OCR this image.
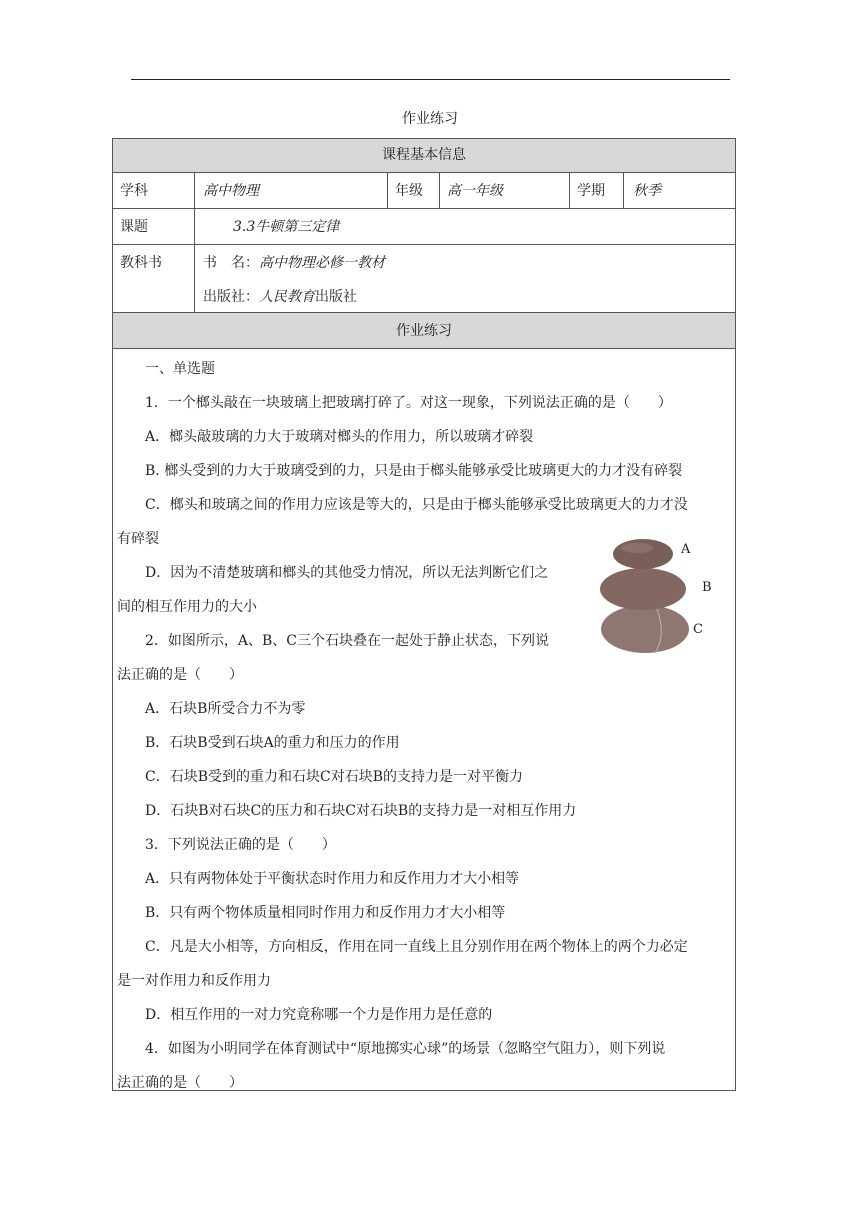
作业练习
课程基本信息
学科	高中物理	年级	高一年级	学期	秋季
课题	3.3牛顿第三定律
教科书	书　名：高中物理必修一教材
出版社：人民教育出版社
作业练习
一、单选题
1．一个榔头敲在一块玻璃上把玻璃打碎了。对这一现象，下列说法正确的是（　　）
A．榔头敲玻璃的力大于玻璃对榔头的作用力，所以玻璃才碎裂
B. 榔头受到的力大于玻璃受到的力，只是由于榔头能够承受比玻璃更大的力才没有碎裂
C．榔头和玻璃之间的作用力应该是等大的，只是由于榔头能够承受比玻璃更大的力才没
有碎裂
D．因为不清楚玻璃和榔头的其他受力情况，所以无法判断它们之
间的相互作用力的大小
2．如图所示，A、B、C三个石块叠在一起处于静止状态，下列说
法正确的是（　　）
A．石块B所受合力不为零
B．石块B受到石块A的重力和压力的作用
C．石块B受到的重力和石块C对石块B的支持力是一对平衡力
D．石块B对石块C的压力和石块C对石块B的支持力是一对相互作用力
3．下列说法正确的是（　　）
A．只有两物体处于平衡状态时作用力和反作用力才大小相等
B．只有两个物体质量相同时作用力和反作用力才大小相等
C．凡是大小相等，方向相反，作用在同一直线上且分别作用在两个物体上的两个力必定
是一对作用力和反作用力
D．相互作用的一对力究竟称哪一个力是作用力是任意的
4．如图为小明同学在体育测试中“原地掷实心球”的场景（忽略空气阻力），则下列说
法正确的是（　　）
A
B
C
